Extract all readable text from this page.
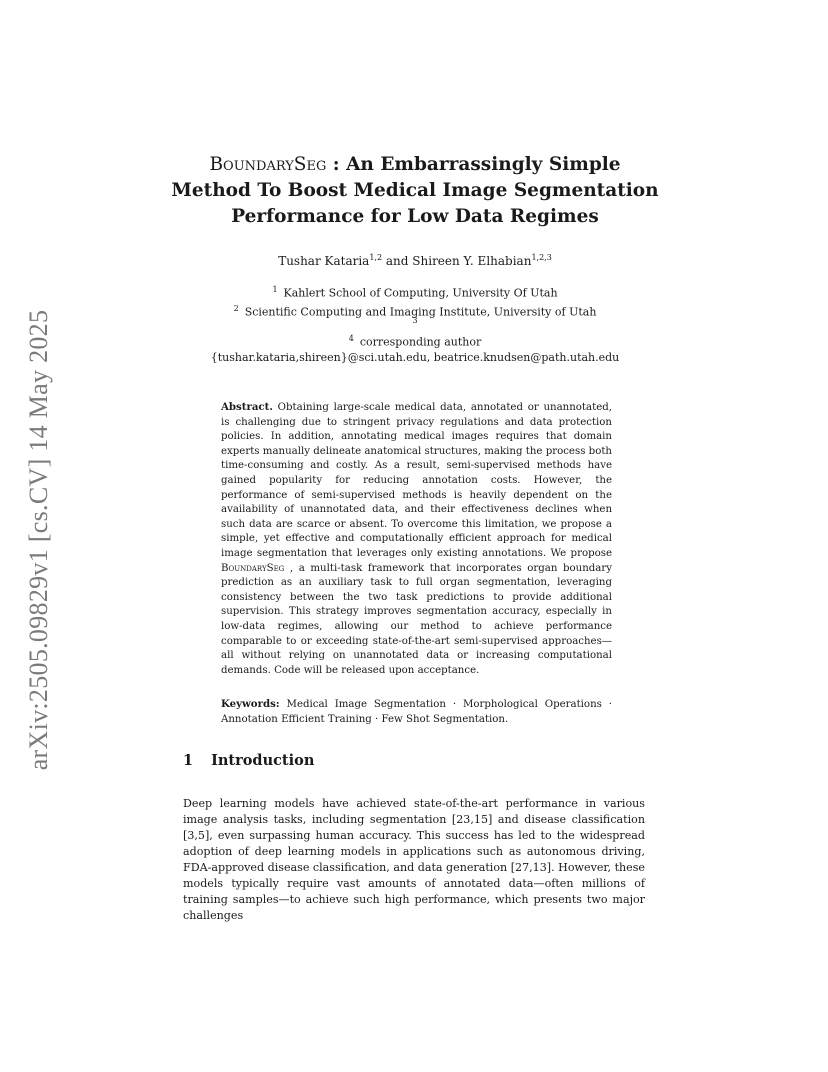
arXiv:2505.09829v1 [cs.CV] 14 May 2025
BoundarySeg : An Embarrassingly Simple
Method To Boost Medical Image Segmentation
Performance for Low Data Regimes
Tushar Kataria$^{1,2}$ and Shireen Y. Elhabian$^{1,2,3}$
$^1$ Kahlert School of Computing, University Of Utah
$^2$ Scientific Computing and Imaging Institute, University of Utah
3
$^4$ corresponding author
{tushar.kataria,shireen}@sci.utah.edu, beatrice.knudsen@path.utah.edu
Abstract. Obtaining large-scale medical data, annotated or unannotated, is challenging due to stringent privacy regulations and data protection policies. In addition, annotating medical images requires that domain experts manually delineate anatomical structures, making the process both time-consuming and costly. As a result, semi-supervised methods have gained popularity for reducing annotation costs. However, the performance of semi-supervised methods is heavily dependent on the availability of unannotated data, and their effectiveness declines when such data are scarce or absent. To overcome this limitation, we propose a simple, yet effective and computationally efficient approach for medical image segmentation that leverages only existing annotations. We propose BoundarySeg , a multi-task framework that incorporates organ boundary prediction as an auxiliary task to full organ segmentation, leveraging consistency between the two task predictions to provide additional supervision. This strategy improves segmentation accuracy, especially in low-data regimes, allowing our method to achieve performance comparable to or exceeding state-of-the-art semi-supervised approaches—all without relying on unannotated data or increasing computational demands. Code will be released upon acceptance.
Keywords: Medical Image Segmentation · Morphological Operations · Annotation Efficient Training · Few Shot Segmentation.
1 Introduction
Deep learning models have achieved state-of-the-art performance in various image analysis tasks, including segmentation [23,15] and disease classification [3,5], even surpassing human accuracy. This success has led to the widespread adoption of deep learning models in applications such as autonomous driving, FDA-approved disease classification, and data generation [27,13]. However, these models typically require vast amounts of annotated data—often millions of training samples—to achieve such high performance, which presents two major challenges
